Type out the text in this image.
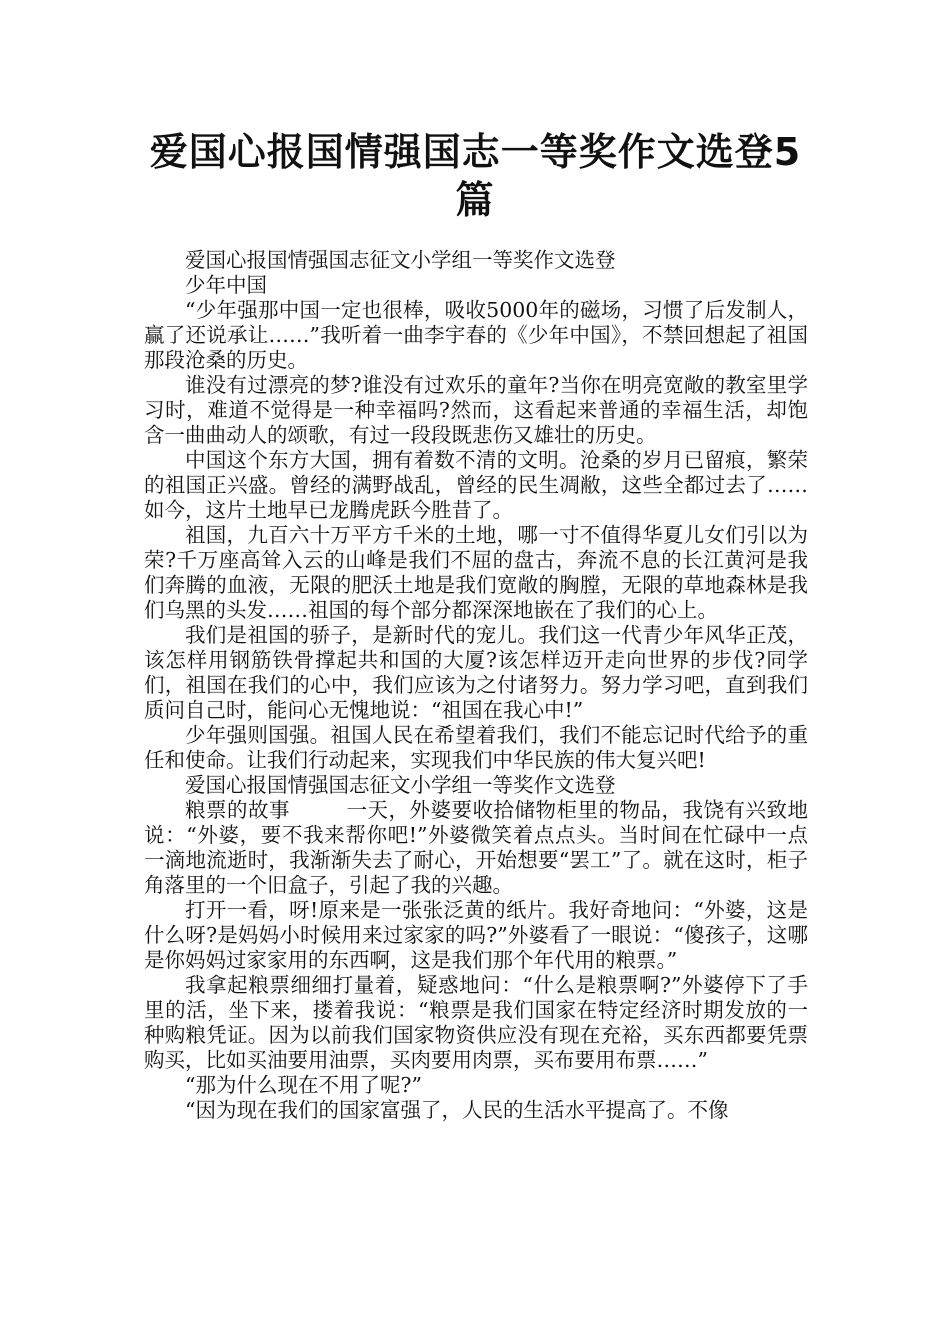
爱国心报国情强国志一等奖作文选登5篇

爱国心报国情强国志征文小学组一等奖作文选登

少年中国

“少年强那中国一定也很棒，吸收5000年的磁场，习惯了后发制人，赢了还说承让……”我听着一曲李宇春的《少年中国》，不禁回想起了祖国那段沧桑的历史。

谁没有过漂亮的梦?谁没有过欢乐的童年?当你在明亮宽敞的教室里学习时，难道不觉得是一种幸福吗?然而，这看起来普通的幸福生活，却饱含一曲曲动人的颂歌，有过一段段既悲伤又雄壮的历史。

中国这个东方大国，拥有着数不清的文明。沧桑的岁月已留痕，繁荣的祖国正兴盛。曾经的满野战乱，曾经的民生凋敝，这些全都过去了……如今，这片土地早已龙腾虎跃今胜昔了。

祖国，九百六十万平方千米的土地，哪一寸不值得华夏儿女们引以为荣?千万座高耸入云的山峰是我们不屈的盘古，奔流不息的长江黄河是我们奔腾的血液，无限的肥沃土地是我们宽敞的胸膛，无限的草地森林是我们乌黑的头发……祖国的每个部分都深深地嵌在了我们的心上。

我们是祖国的骄子，是新时代的宠儿。我们这一代青少年风华正茂，该怎样用钢筋铁骨撑起共和国的大厦?该怎样迈开走向世界的步伐?同学们，祖国在我们的心中，我们应该为之付诸努力。努力学习吧，直到我们质问自己时，能问心无愧地说：“祖国在我心中!”

少年强则国强。祖国人民在希望着我们，我们不能忘记时代给予的重任和使命。让我们行动起来，实现我们中华民族的伟大复兴吧!

爱国心报国情强国志征文小学组一等奖作文选登

粮票的故事	一天，外婆要收拾储物柜里的物品，我饶有兴致地说：“外婆，要不我来帮你吧!”外婆微笑着点点头。当时间在忙碌中一点一滴地流逝时，我渐渐失去了耐心，开始想要“罢工”了。就在这时，柜子角落里的一个旧盒子，引起了我的兴趣。

打开一看，呀!原来是一张张泛黄的纸片。我好奇地问：“外婆，这是什么呀?是妈妈小时候用来过家家的吗?”外婆看了一眼说：“傻孩子，这哪是你妈妈过家家用的东西啊，这是我们那个年代用的粮票。”

我拿起粮票细细打量着，疑惑地问：“什么是粮票啊?”外婆停下了手里的活，坐下来，搂着我说：“粮票是我们国家在特定经济时期发放的一种购粮凭证。因为以前我们国家物资供应没有现在充裕，买东西都要凭票购买，比如买油要用油票，买肉要用肉票，买布要用布票……”

“那为什么现在不用了呢?”

“因为现在我们的国家富强了，人民的生活水平提高了。不像
